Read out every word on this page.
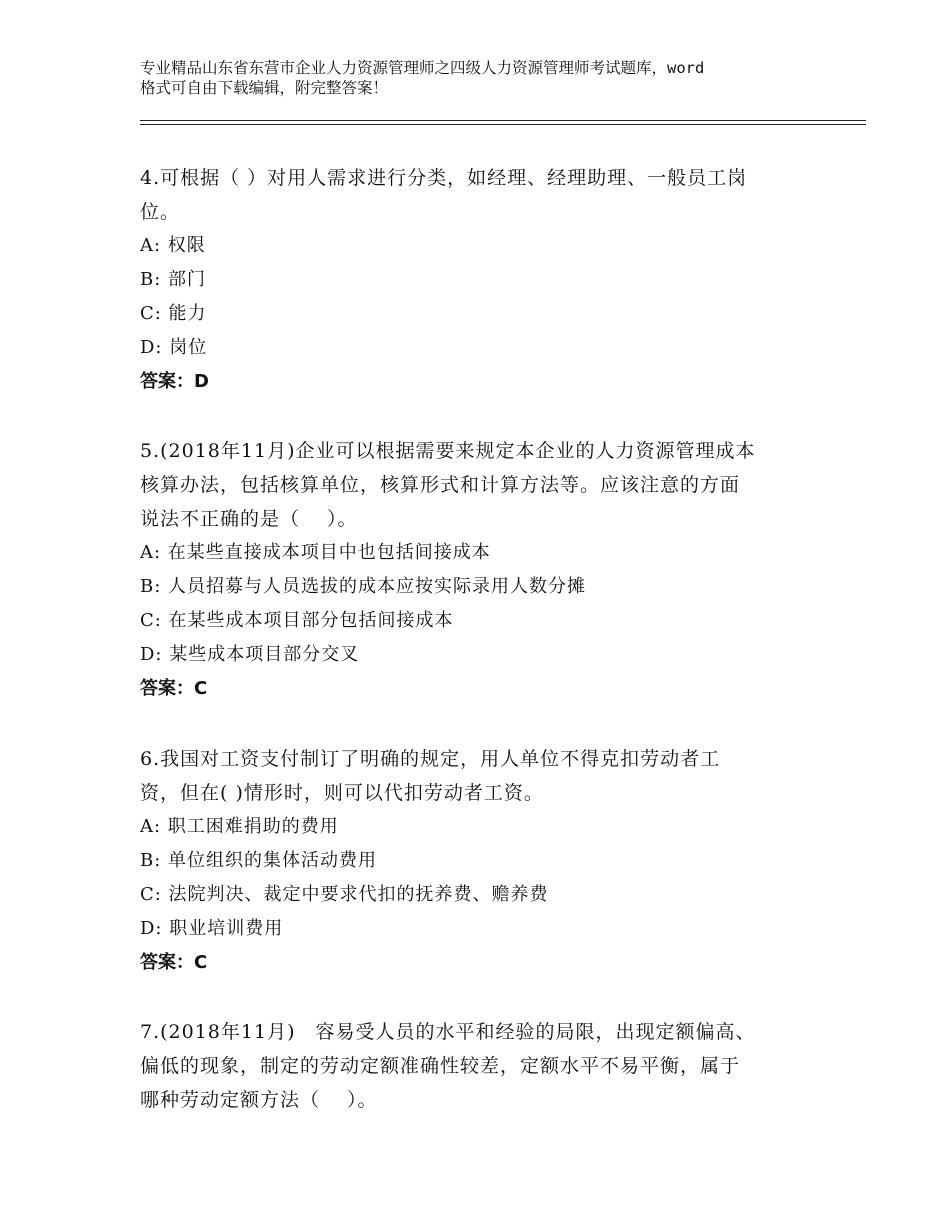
专业精品山东省东营市企业人力资源管理师之四级人力资源管理师考试题库，word
格式可自由下载编辑，附完整答案！
4.可根据（ ）对用人需求进行分类，如经理、经理助理、一般员工岗
位。
A: 权限
B: 部门
C: 能力
D: 岗位
答案：D
5.(2018年11月)企业可以根据需要来规定本企业的人力资源管理成本
核算办法，包括核算单位，核算形式和计算方法等。应该注意的方面
说法不正确的是（　 ）。
A: 在某些直接成本项目中也包括间接成本
B: 人员招募与人员选拔的成本应按实际录用人数分摊
C: 在某些成本项目部分包括间接成本
D: 某些成本项目部分交叉
答案：C
6.我国对工资支付制订了明确的规定，用人单位不得克扣劳动者工
资，但在( )情形时，则可以代扣劳动者工资。
A: 职工困难捐助的费用
B: 单位组织的集体活动费用
C: 法院判决、裁定中要求代扣的抚养费、赡养费
D: 职业培训费用
答案：C
7.(2018年11月)　容易受人员的水平和经验的局限，出现定额偏高、
偏低的现象，制定的劳动定额准确性较差，定额水平不易平衡，属于
哪种劳动定额方法（　 ）。
